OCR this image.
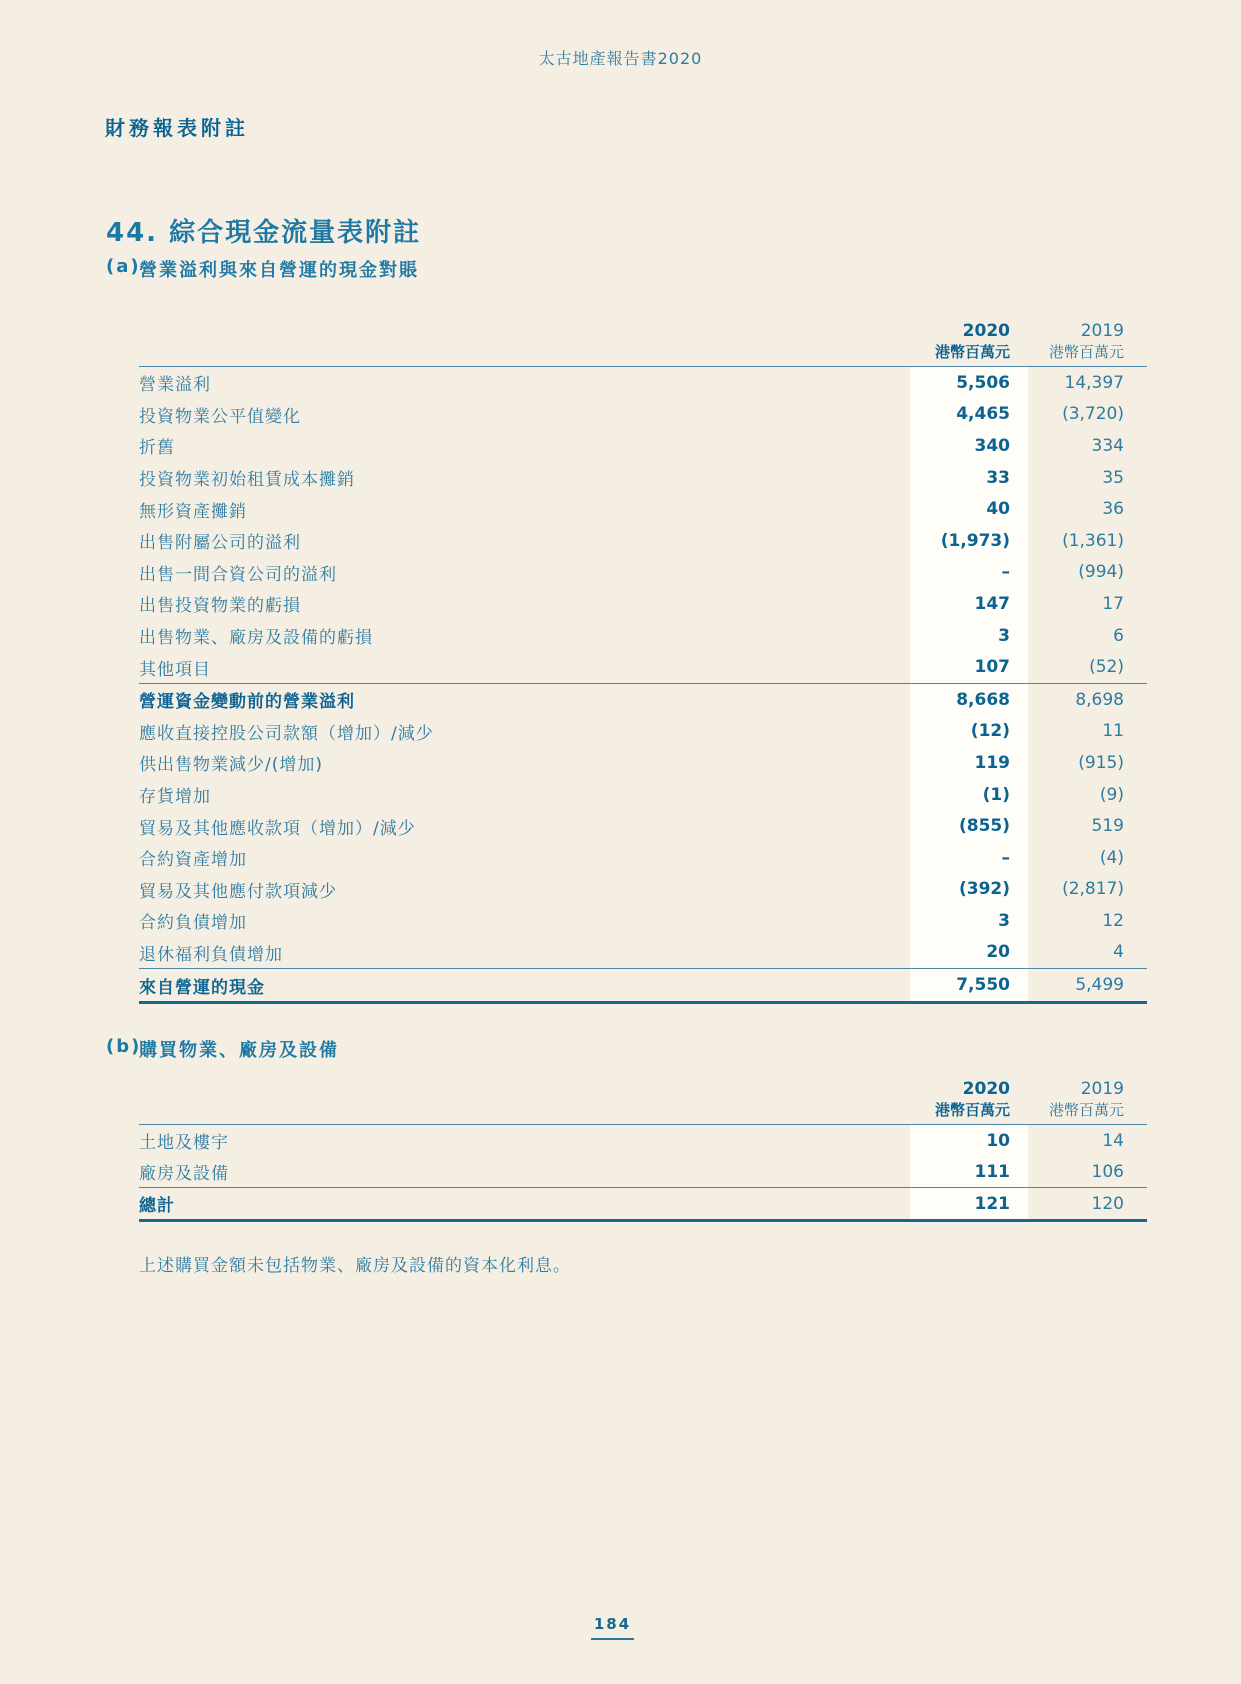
太古地產報告書2020
財務報表附註
44. 綜合現金流量表附註
(a)
營業溢利與來自營運的現金對賬
2020	2019
港幣百萬元	港幣百萬元
營業溢利	5,506	14,397
投資物業公平值變化	4,465	(3,720)
折舊	340	334
投資物業初始租賃成本攤銷	33	35
無形資產攤銷	40	36
出售附屬公司的溢利	(1,973)	(1,361)
出售一間合資公司的溢利	–	(994)
出售投資物業的虧損	147	17
出售物業、廠房及設備的虧損	3	6
其他項目	107	(52)
營運資金變動前的營業溢利	8,668	8,698
應收直接控股公司款額（增加）/減少	(12)	11
供出售物業減少/(增加)	119	(915)
存貨增加	(1)	(9)
貿易及其他應收款項（增加）/減少	(855)	519
合約資產增加	–	(4)
貿易及其他應付款項減少	(392)	(2,817)
合約負債增加	3	12
退休福利負債增加	20	4
來自營運的現金	7,550	5,499
(b)
購買物業、廠房及設備
2020	2019
港幣百萬元	港幣百萬元
土地及樓宇	10	14
廠房及設備	111	106
總計	121	120
上述購買金額未包括物業、廠房及設備的資本化利息。
184
